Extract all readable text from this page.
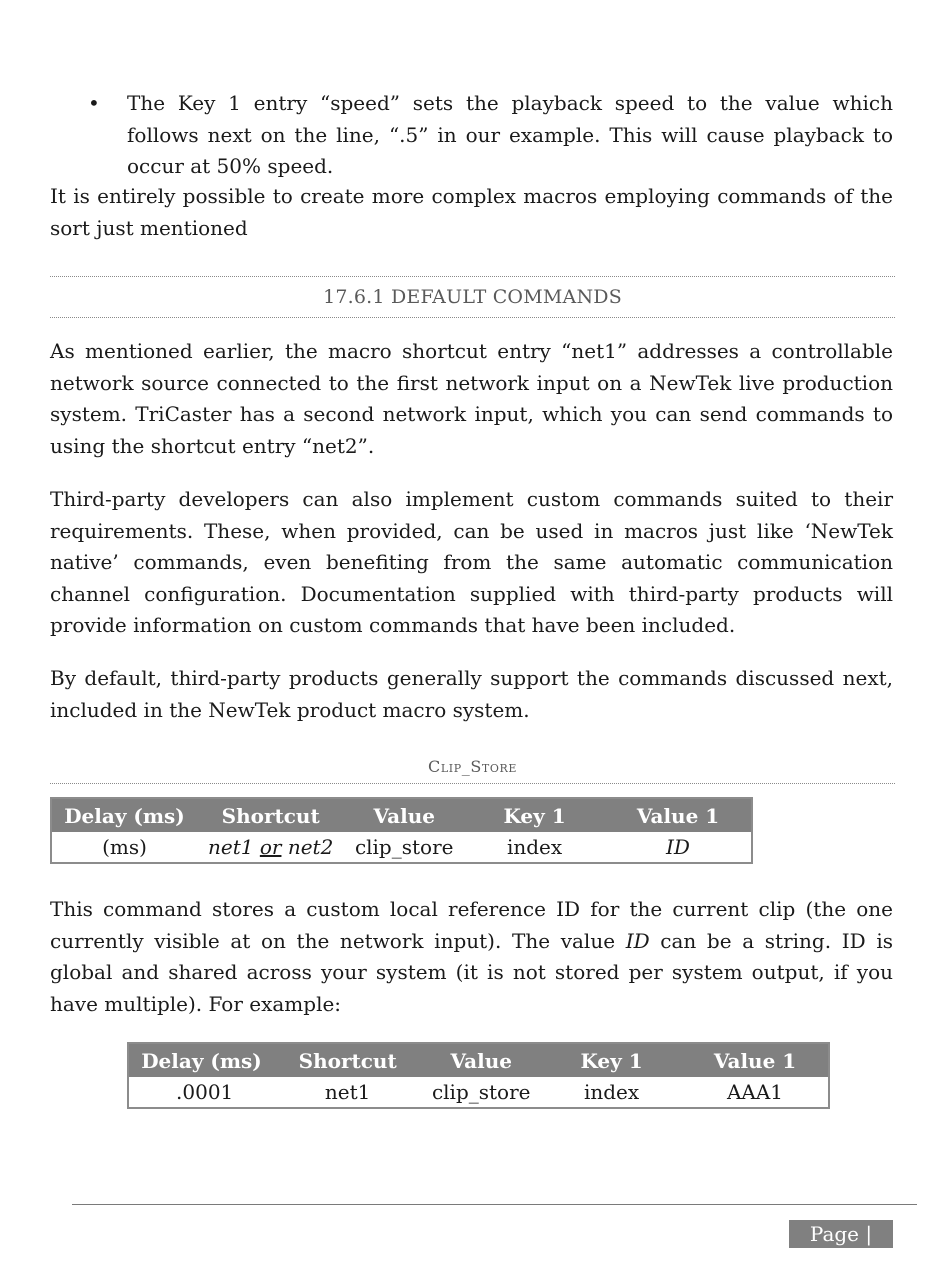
• The Key 1 entry “speed” sets the playback speed to the value which follows next on the line, “.5” in our example. This will cause playback to occur at 50% speed.

It is entirely possible to create more complex macros employing commands of the sort just mentioned

17.6.1 DEFAULT COMMANDS

As mentioned earlier, the macro shortcut entry “net1” addresses a controllable network source connected to the first network input on a NewTek live production system. TriCaster has a second network input, which you can send commands to using the shortcut entry “net2”.

Third-party developers can also implement custom commands suited to their requirements. These, when provided, can be used in macros just like ‘NewTek native’ commands, even benefiting from the same automatic communication channel configuration. Documentation supplied with third-party products will provide information on custom commands that have been included.

By default, third-party products generally support the commands discussed next, included in the NewTek product macro system.

Clip_Store
Delay (ms)	Shortcut	Value	Key 1	Value 1
(ms)	net1 or net2	clip_store	index	ID

This command stores a custom local reference ID for the current clip (the one currently visible at on the network input). The value ID can be a string. ID is global and shared across your system (it is not stored per system output, if you have multiple). For example:

Delay (ms)	Shortcut	Value	Key 1	Value 1
.0001	net1	clip_store	index	AAA1
Page | 293
